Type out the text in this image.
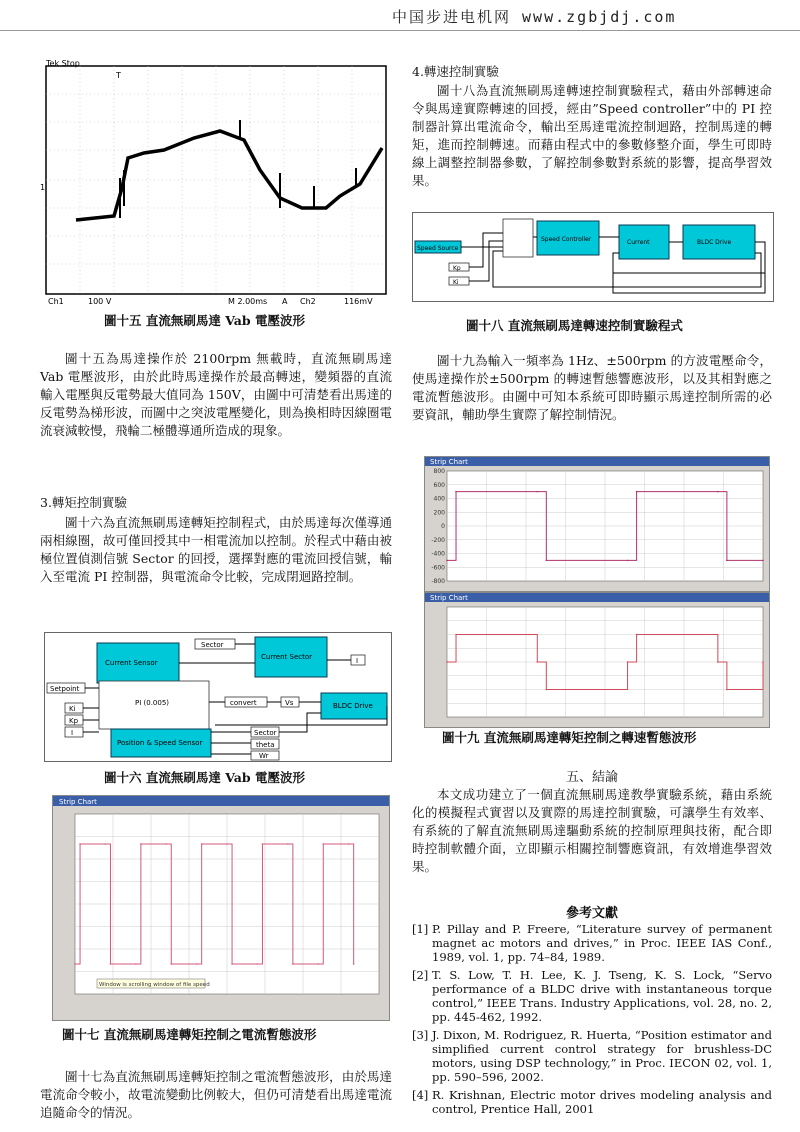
中国步进电机网 www.zgbjdj.com
Tek Stop
T
1
Ch1	100 V	M 2.00ms A Ch2	116mV
圖十五 直流無刷馬達 Vab 電壓波形
圖十五為馬達操作於 2100rpm 無載時，直流無刷馬達 Vab 電壓波形，由於此時馬達操作於最高轉速，變頻器的直流輸入電壓與反電勢最大值同為 150V，由圖中可清楚看出馬達的反電勢為梯形波，而圖中之突波電壓變化，則為換相時因線圈電流衰減較慢，飛輪二極體導通所造成的現象。
3.轉矩控制實驗
圖十六為直流無刷馬達轉矩控制程式，由於馬達每次僅導通兩相線圈，故可僅回授其中一相電流加以控制。於程式中藉由被極位置偵測信號 Sector 的回授，選擇對應的電流回授信號，輸入至電流 PI 控制器，與電流命令比較，完成閉迴路控制。
Current Sensor
Sector
Current Sector	I
Setpoint
Ki
Kp
I
PI (0.005)	convert	Vs	BLDC Drive
Position & Speed Sensor
Sector
theta
Wr
圖十六 直流無刷馬達 Vab 電壓波形
Strip Chart
Window is scrolling window of file speed
圖十七 直流無刷馬達轉矩控制之電流暫態波形
圖十七為直流無刷馬達轉矩控制之電流暫態波形，由於馬達電流命令較小，故電流變動比例較大，但仍可清楚看出馬達電流追隨命令的情況。
4.轉速控制實驗
圖十八為直流無刷馬達轉速控制實驗程式，藉由外部轉速命令與馬達實際轉速的回授，經由”Speed controller”中的 PI 控制器計算出電流命令，輸出至馬達電流控制迴路，控制馬達的轉矩，進而控制轉速。而藉由程式中的參數修整介面，學生可即時線上調整控制器參數，了解控制參數對系統的影響，提高學習效果。
Speed Source
Kp
Ki
Speed Controller	Current	BLDC Drive
圖十八 直流無刷馬達轉速控制實驗程式
圖十九為輸入一頻率為 1Hz、±500rpm 的方波電壓命令，使馬達操作於±500rpm 的轉速暫態響應波形，以及其相對應之電流暫態波形。由圖中可知本系統可即時顯示馬達控制所需的必要資訊，輔助學生實際了解控制情況。
Strip Chart
800
600
400
200
0
-200
-400
-600
-800
Strip Chart
圖十九 直流無刷馬達轉矩控制之轉速暫態波形
五、結論
本文成功建立了一個直流無刷馬達教學實驗系統，藉由系統化的模擬程式實習以及實際的馬達控制實驗，可讓學生有效率、有系統的了解直流無刷馬達驅動系統的控制原理與技術，配合即時控制軟體介面，立即顯示相關控制響應資訊，有效增進學習效果。
參考文獻
[1] P. Pillay and P. Freere, “Literature survey of permanent magnet ac motors and drives,” in Proc. IEEE IAS Conf., 1989, vol. 1, pp. 74–84, 1989.
[2] T. S. Low, T. H. Lee, K. J. Tseng, K. S. Lock, “Servo performance of a BLDC drive with instantaneous torque control,” IEEE Trans. Industry Applications, vol. 28, no. 2, pp. 445-462, 1992.
[3] J. Dixon, M. Rodriguez, R. Huerta, “Position estimator and simplified current control strategy for brushless-DC motors, using DSP technology,” in Proc. IECON 02, vol. 1, pp. 590–596, 2002.
[4] R. Krishnan, Electric motor drives modeling analysis and control, Prentice Hall, 2001
